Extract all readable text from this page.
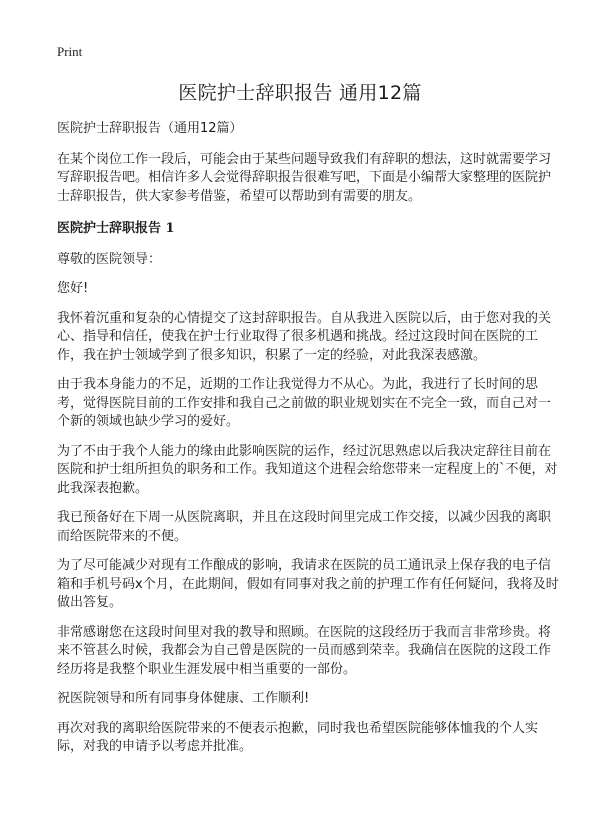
Print
医院护士辞职报告 通用12篇

医院护士辞职报告（通用12篇）

在某个岗位工作一段后，可能会由于某些问题导致我们有辞职的想法，这时就需要学习写辞职报告吧。相信许多人会觉得辞职报告很难写吧，下面是小编帮大家整理的医院护士辞职报告，供大家参考借鉴，希望可以帮助到有需要的朋友。

医院护士辞职报告 1

尊敬的医院领导：

您好!

我怀着沉重和复杂的心情提交了这封辞职报告。自从我进入医院以后，由于您对我的关心、指导和信任，使我在护士行业取得了很多机遇和挑战。经过这段时间在医院的工作，我在护士领域学到了很多知识，积累了一定的经验，对此我深表感激。

由于我本身能力的不足，近期的工作让我觉得力不从心。为此，我进行了长时间的思考，觉得医院目前的工作安排和我自己之前做的职业规划实在不完全一致，而自己对一个新的领域也缺少学习的爱好。

为了不由于我个人能力的缘由此影响医院的运作，经过沉思熟虑以后我决定辞往目前在医院和护士组所担负的职务和工作。我知道这个进程会给您带来一定程度上的`不便，对此我深表抱歉。

我已预备好在下周一从医院离职，并且在这段时间里完成工作交接，以减少因我的离职而给医院带来的不便。

为了尽可能减少对现有工作酿成的影响，我请求在医院的员工通讯录上保存我的电子信箱和手机号码x个月，在此期间，假如有同事对我之前的护理工作有任何疑问，我将及时做出答复。

非常感谢您在这段时间里对我的教导和照顾。在医院的这段经历于我而言非常珍贵。将来不管甚么时候，我都会为自己曾是医院的一员而感到荣幸。我确信在医院的这段工作经历将是我整个职业生涯发展中相当重要的一部份。

祝医院领导和所有同事身体健康、工作顺利!

再次对我的离职给医院带来的不便表示抱歉，同时我也希望医院能够体恤我的个人实际，对我的申请予以考虑并批准。
